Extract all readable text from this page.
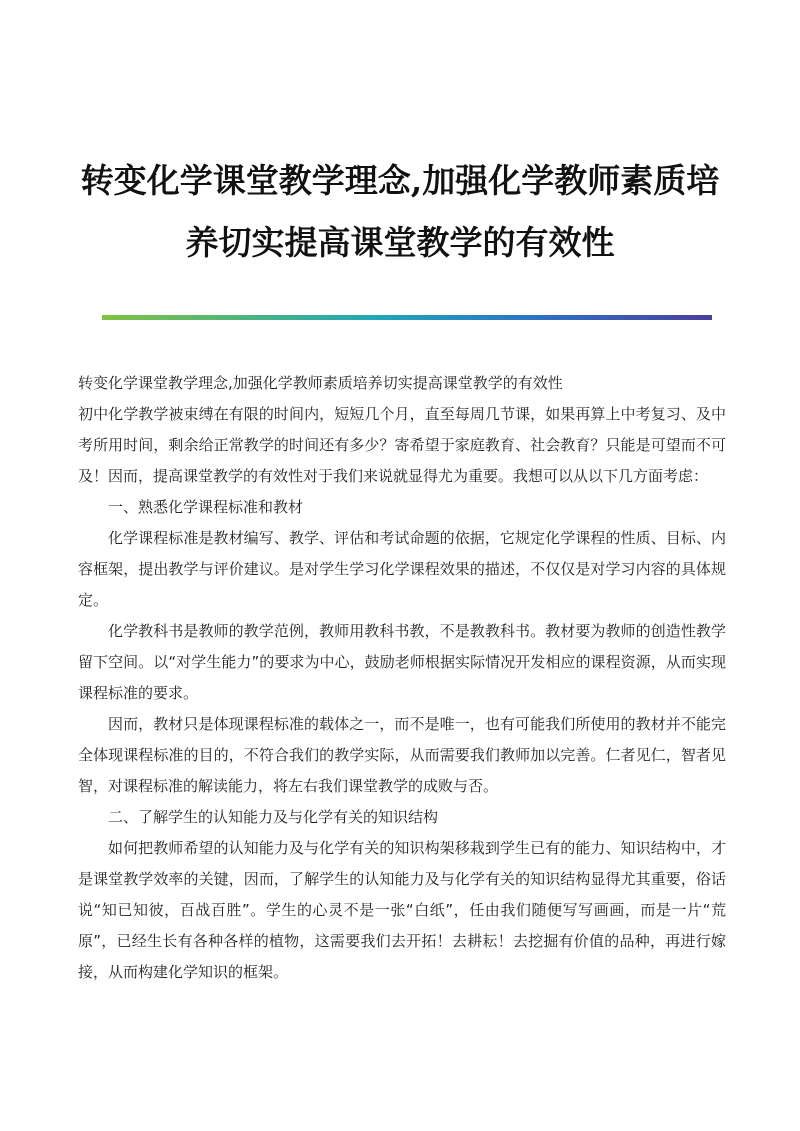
转变化学课堂教学理念,加强化学教师素质培
养切实提高课堂教学的有效性

转变化学课堂教学理念,加强化学教师素质培养切实提高课堂教学的有效性

初中化学教学被束缚在有限的时间内，短短几个月，直至每周几节课，如果再算上中考复习、及中考所用时间，剩余给正常教学的时间还有多少？寄希望于家庭教育、社会教育？只能是可望而不可及！因而，提高课堂教学的有效性对于我们来说就显得尤为重要。我想可以从以下几方面考虑：

一、熟悉化学课程标准和教材

化学课程标准是教材编写、教学、评估和考试命题的依据，它规定化学课程的性质、目标、内容框架，提出教学与评价建议。是对学生学习化学课程效果的描述，不仅仅是对学习内容的具体规定。

化学教科书是教师的教学范例，教师用教科书教，不是教教科书。教材要为教师的创造性教学留下空间。以“对学生能力”的要求为中心，鼓励老师根据实际情况开发相应的课程资源，从而实现课程标准的要求。

因而，教材只是体现课程标准的载体之一，而不是唯一，也有可能我们所使用的教材并不能完全体现课程标准的目的，不符合我们的教学实际，从而需要我们教师加以完善。仁者见仁，智者见智，对课程标准的解读能力，将左右我们课堂教学的成败与否。

二、了解学生的认知能力及与化学有关的知识结构

如何把教师希望的认知能力及与化学有关的知识构架移栽到学生已有的能力、知识结构中，才是课堂教学效率的关键，因而，了解学生的认知能力及与化学有关的知识结构显得尤其重要，俗话说“知已知彼，百战百胜”。学生的心灵不是一张“白纸”，任由我们随便写写画画，而是一片“荒原”，已经生长有各种各样的植物，这需要我们去开拓！去耕耘！去挖掘有价值的品种，再进行嫁接，从而构建化学知识的框架。
